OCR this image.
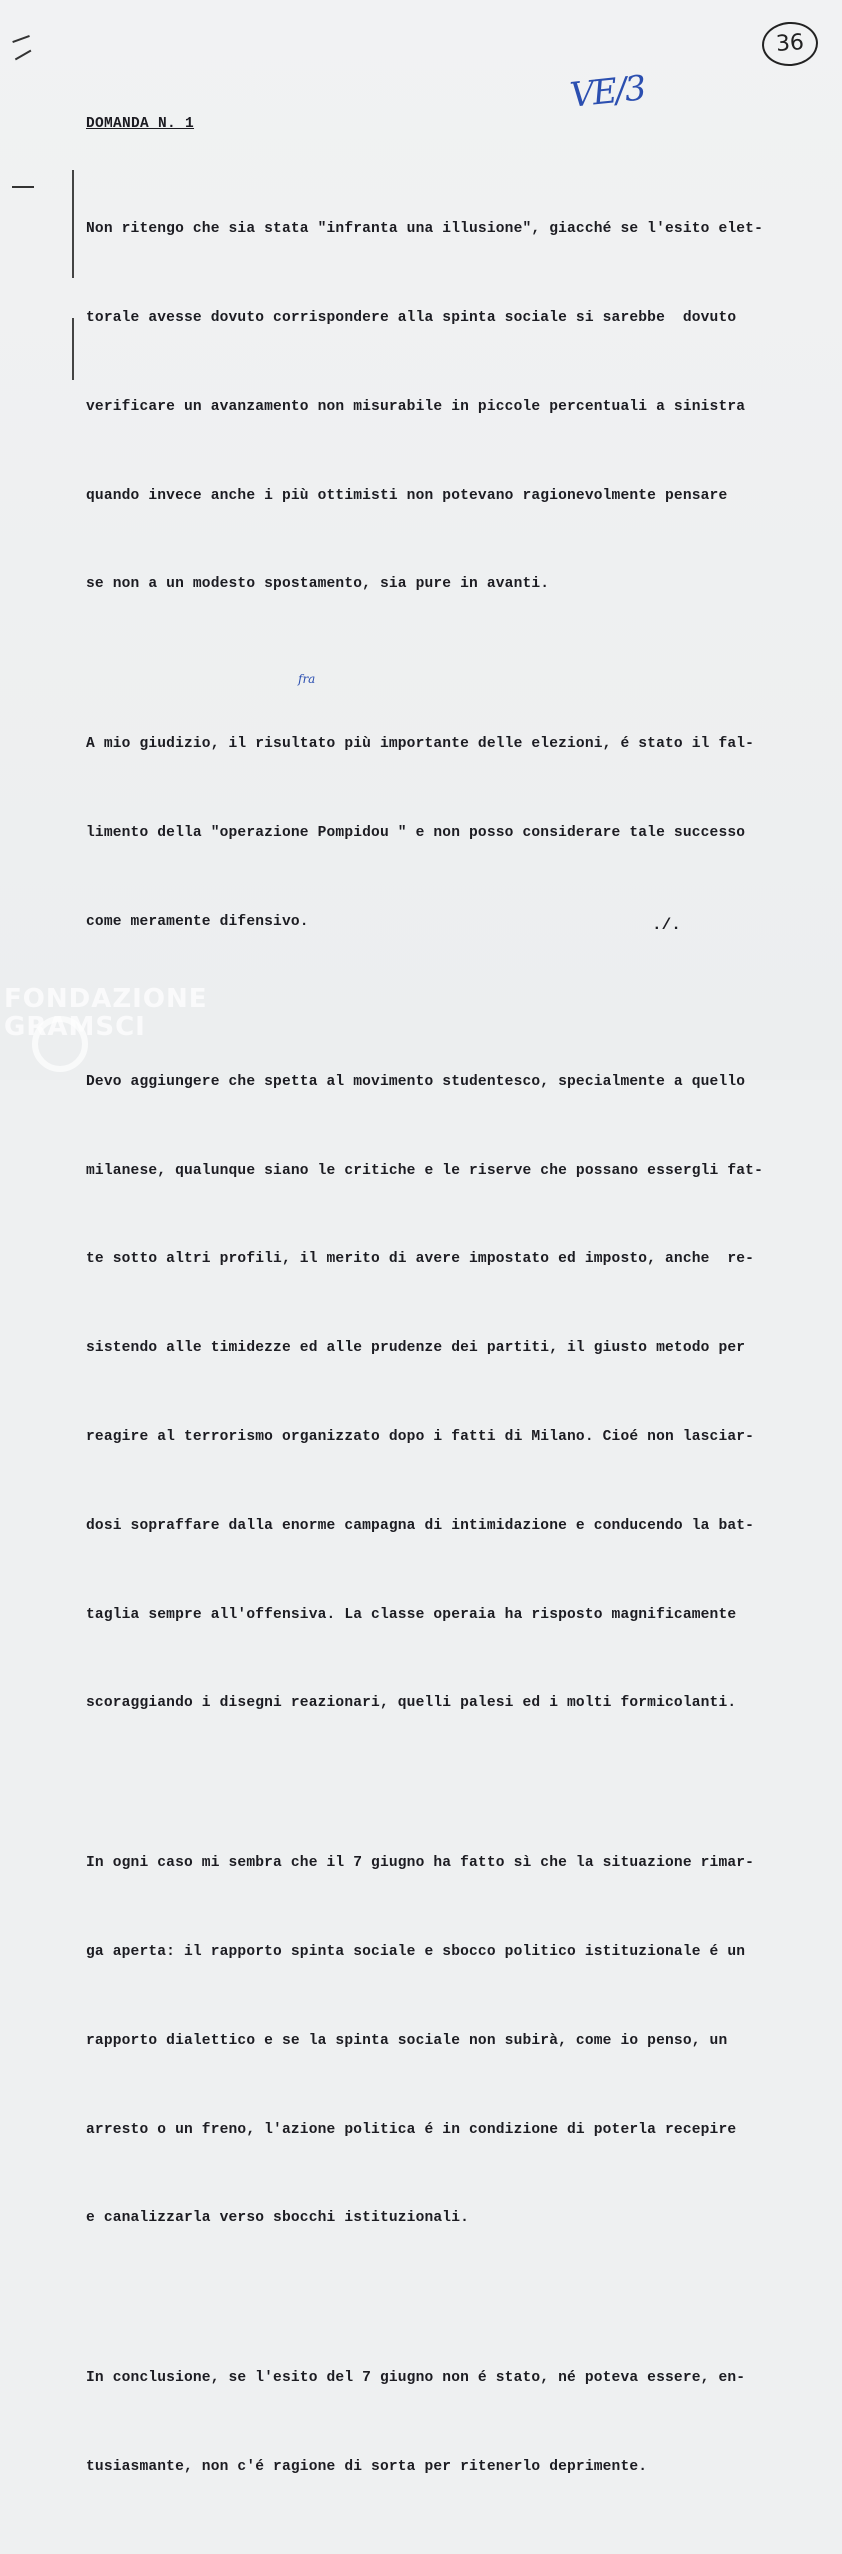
36
VE/3
DOMANDA N. 1

Non ritengo che sia stata "infranta una illusione", giacché se l'esito elet-

torale avesse dovuto corrispondere alla spinta sociale si sarebbe  dovuto

verificare un avanzamento non misurabile in piccole percentuali a sinistra

quando invece anche i più ottimisti non potevano ragionevolmente pensare

se non a un modesto spostamento, sia pure in avanti.

A mio giudizio, il risultato più importante delle elezioni, é stato il fal-

limento della "operazione Pompidou " e non posso considerare tale successo

come meramente difensivo.

Devo aggiungere che spetta al movimento studentesco, specialmente a quello

milanese, qualunque siano le critiche e le riserve che possano essergli fat-

te sotto altri profili, il merito di avere impostato ed imposto, anche  re-

sistendo alle timidezze ed alle prudenze dei partiti, il giusto metodo per

reagire al terrorismo organizzato dopo i fatti di Milano. Cioé non lasciar-

dosi sopraffare dalla enorme campagna di intimidazione e conducendo la bat-

taglia sempre all'offensiva. La classe operaia ha risposto magnificamente

scoraggiando i disegni reazionari, quelli palesi ed i molti formicolanti.

In ogni caso mi sembra che il 7 giugno ha fatto sì che la situazione rimar-

ga aperta: il rapporto spinta sociale e sbocco politico istituzionale é un

rapporto dialettico e se la spinta sociale non subirà, come io penso, un

arresto o un freno, l'azione politica é in condizione di poterla recepire

e canalizzarla verso sbocchi istituzionali.

In conclusione, se l'esito del 7 giugno non é stato, né poteva essere, en-

tusiasmante, non c'é ragione di sorta per ritenerlo deprimente.

fra
./.
FONDAZIONE
GRAMSCI
